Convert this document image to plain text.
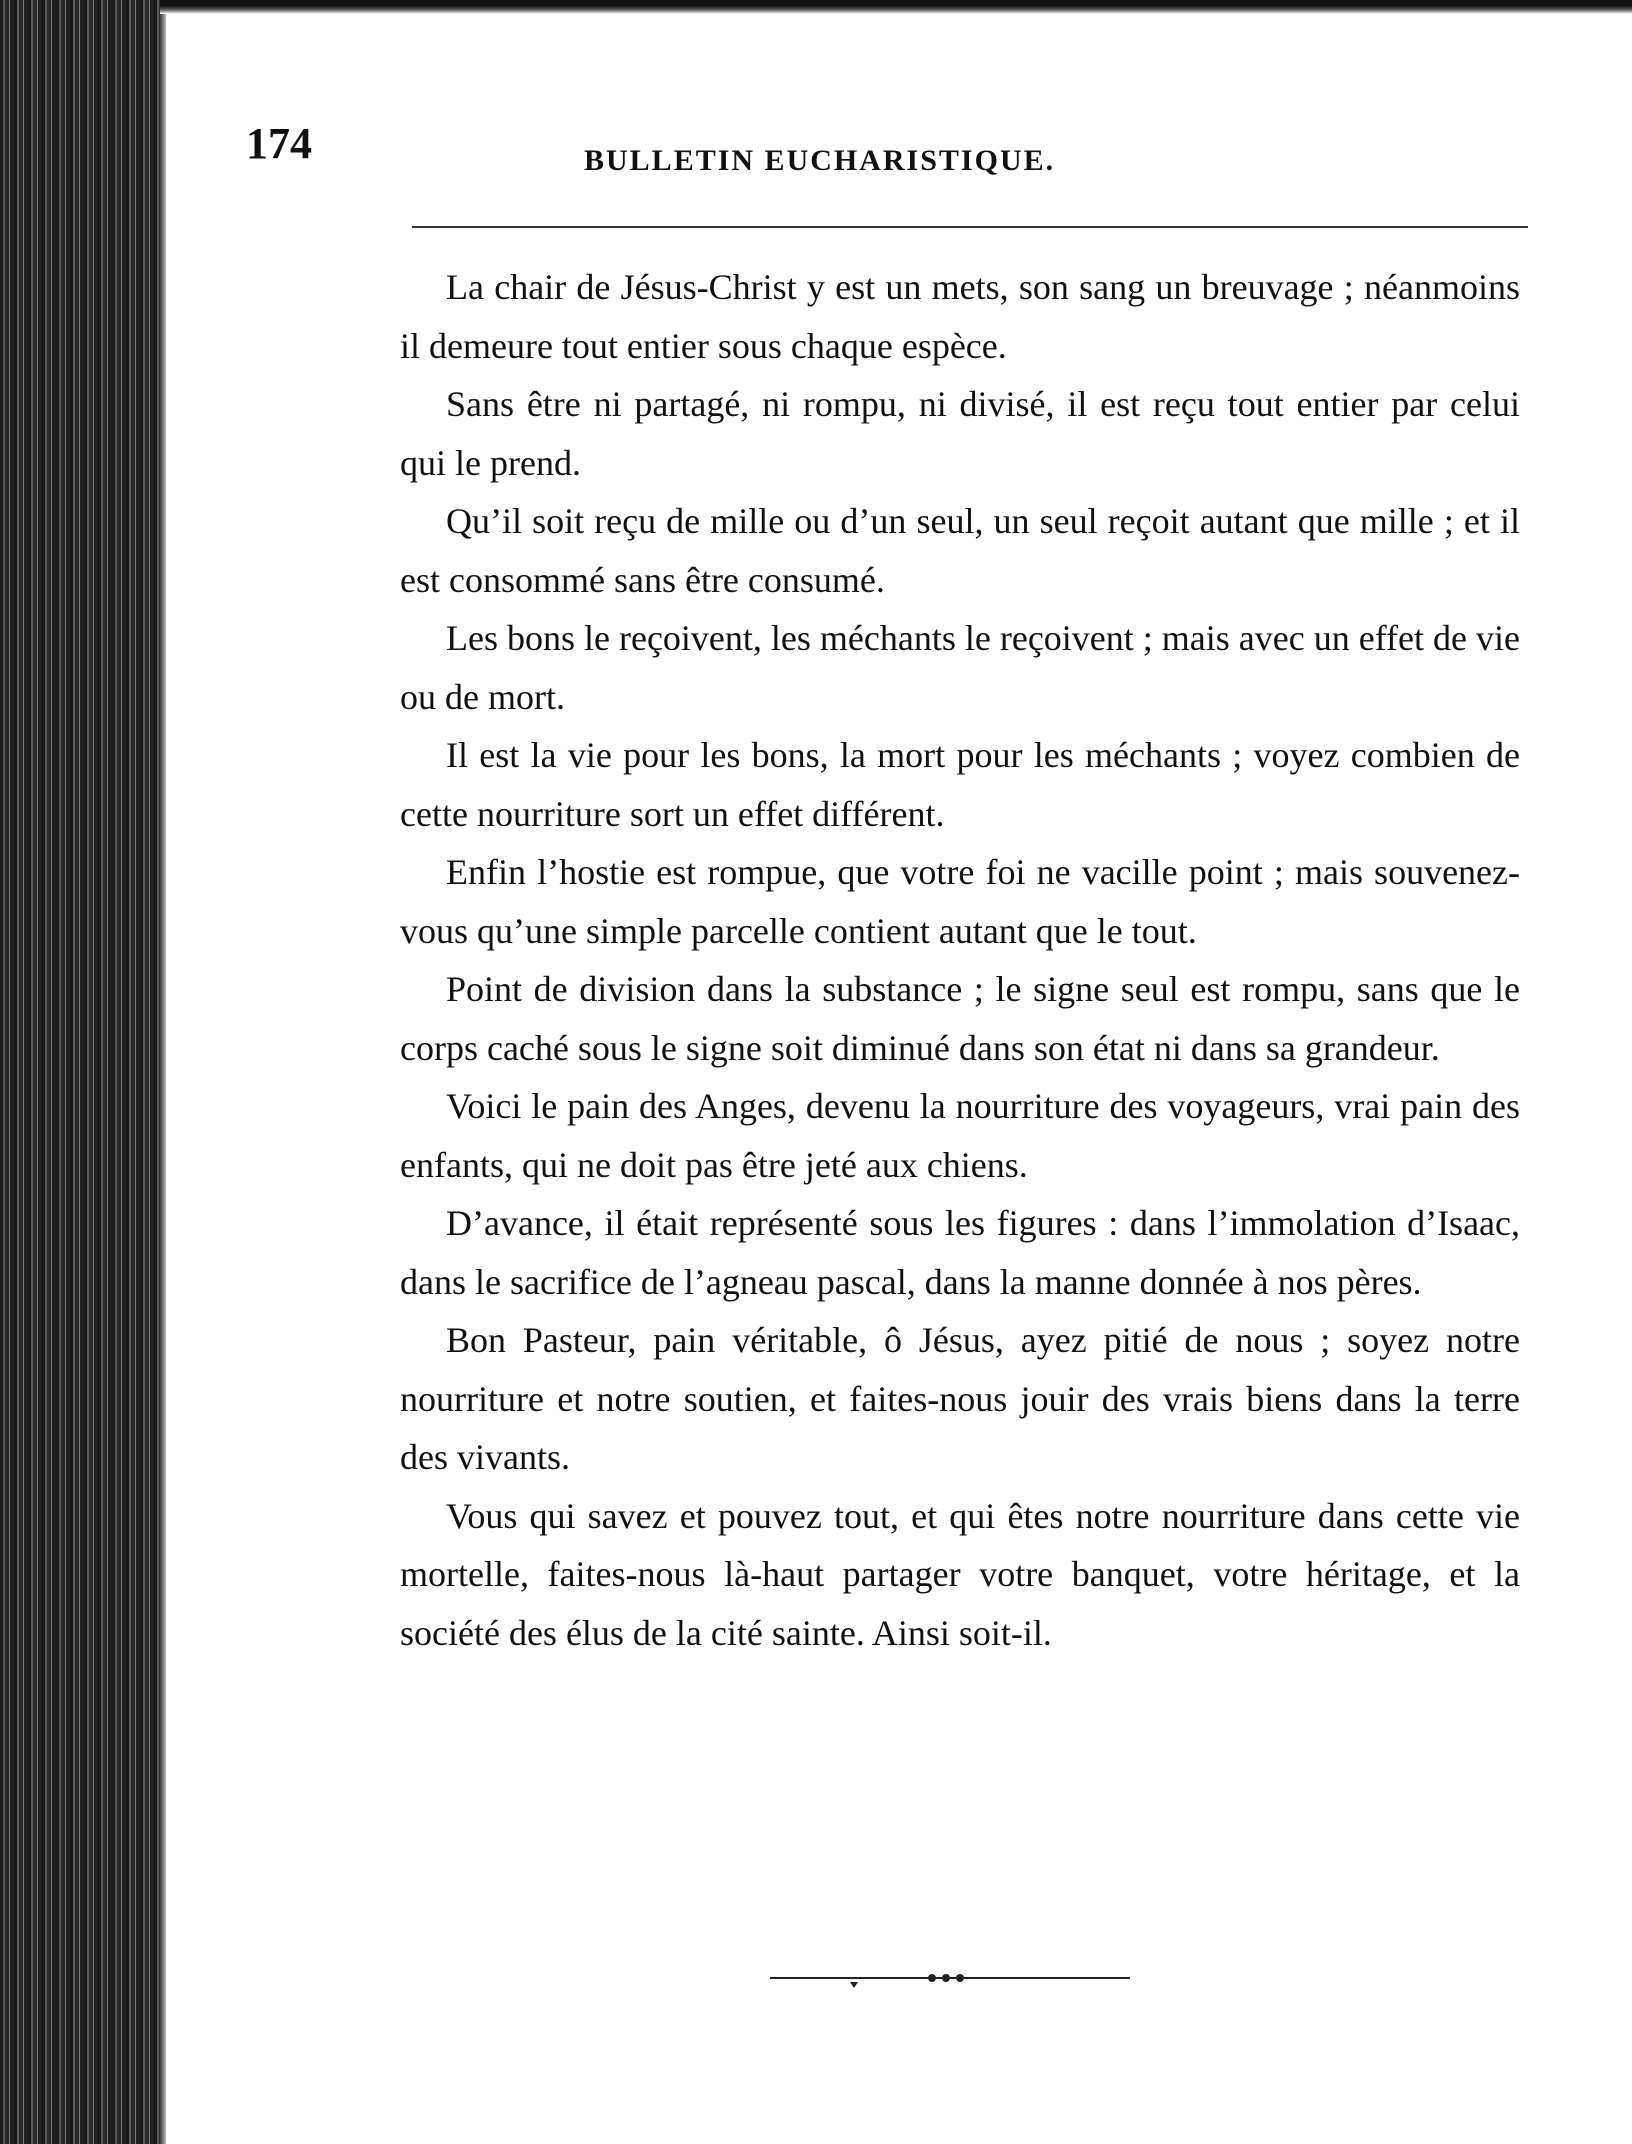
174	BULLETIN EUCHARISTIQUE.

La chair de Jésus-Christ y est un mets, son sang un breuvage ; néanmoins il demeure tout entier sous chaque espèce.

Sans être ni partagé, ni rompu, ni divisé, il est reçu tout entier par celui qui le prend.

Qu’il soit reçu de mille ou d’un seul, un seul reçoit autant que mille ; et il est consommé sans être consumé.

Les bons le reçoivent, les méchants le reçoivent ; mais avec un effet de vie ou de mort.

Il est la vie pour les bons, la mort pour les méchants ; voyez combien de cette nourriture sort un effet différent.

Enfin l’hostie est rompue, que votre foi ne vacille point ; mais souvenez-vous qu’une simple parcelle contient autant que le tout.

Point de division dans la substance ; le signe seul est rompu, sans que le corps caché sous le signe soit diminué dans son état ni dans sa grandeur.

Voici le pain des Anges, devenu la nourriture des voyageurs, vrai pain des enfants, qui ne doit pas être jeté aux chiens.

D’avance, il était représenté sous les figures : dans l’immolation d’Isaac, dans le sacrifice de l’agneau pascal, dans la manne donnée à nos pères.

Bon Pasteur, pain véritable, ô Jésus, ayez pitié de nous ; soyez notre nourriture et notre soutien, et faites-nous jouir des vrais biens dans la terre des vivants.

Vous qui savez et pouvez tout, et qui êtes notre nourriture dans cette vie mortelle, faites-nous là-haut partager votre banquet, votre héritage, et la société des élus de la cité sainte. Ainsi soit-il.
